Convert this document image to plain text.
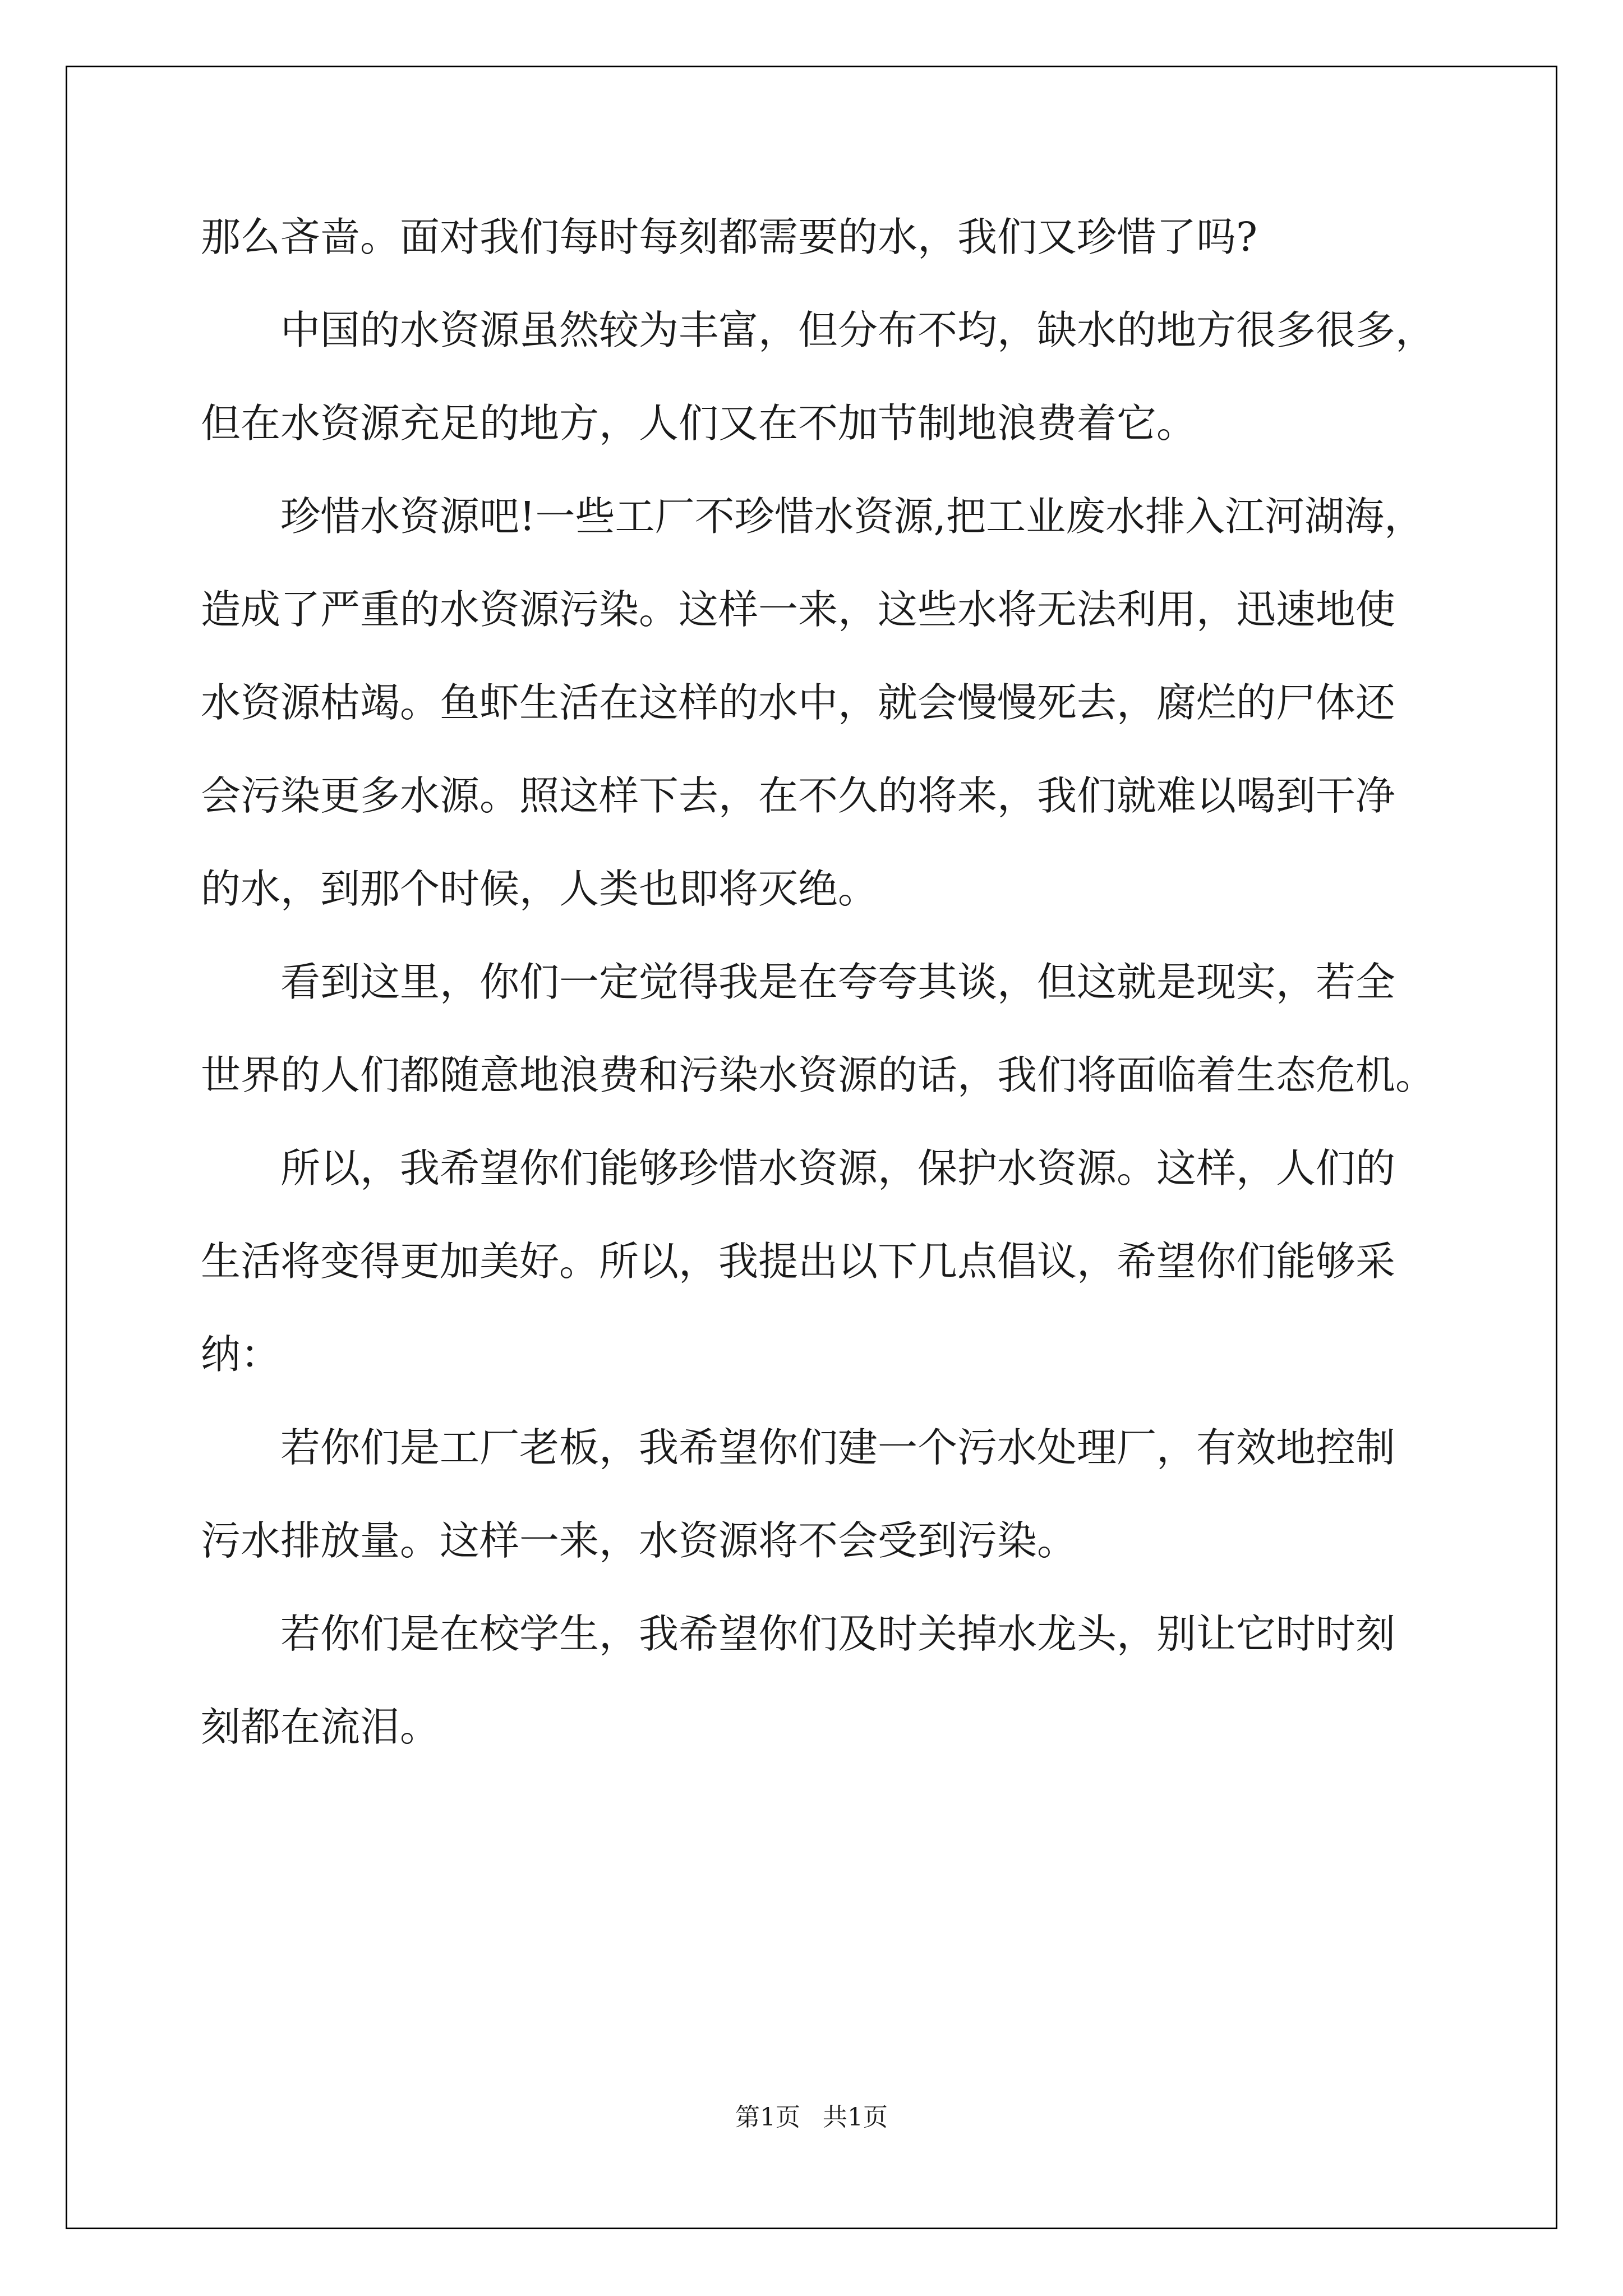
那么吝啬。面对我们每时每刻都需要的水，我们又珍惜了吗?
中国的水资源虽然较为丰富，但分布不均，缺水的地方很多很多，
但在水资源充足的地方，人们又在不加节制地浪费着它。
珍惜水资源吧!一些工厂不珍惜水资源,把工业废水排入江河湖海，
造成了严重的水资源污染。这样一来，这些水将无法利用，迅速地使
水资源枯竭。鱼虾生活在这样的水中，就会慢慢死去，腐烂的尸体还
会污染更多水源。照这样下去，在不久的将来，我们就难以喝到干净
的水，到那个时候，人类也即将灭绝。
看到这里，你们一定觉得我是在夸夸其谈，但这就是现实，若全
世界的人们都随意地浪费和污染水资源的话，我们将面临着生态危机。
所以，我希望你们能够珍惜水资源，保护水资源。这样，人们的
生活将变得更加美好。所以，我提出以下几点倡议，希望你们能够采
纳：
若你们是工厂老板，我希望你们建一个污水处理厂，有效地控制
污水排放量。这样一来，水资源将不会受到污染。
若你们是在校学生，我希望你们及时关掉水龙头，别让它时时刻
刻都在流泪。
第1页 共1页
